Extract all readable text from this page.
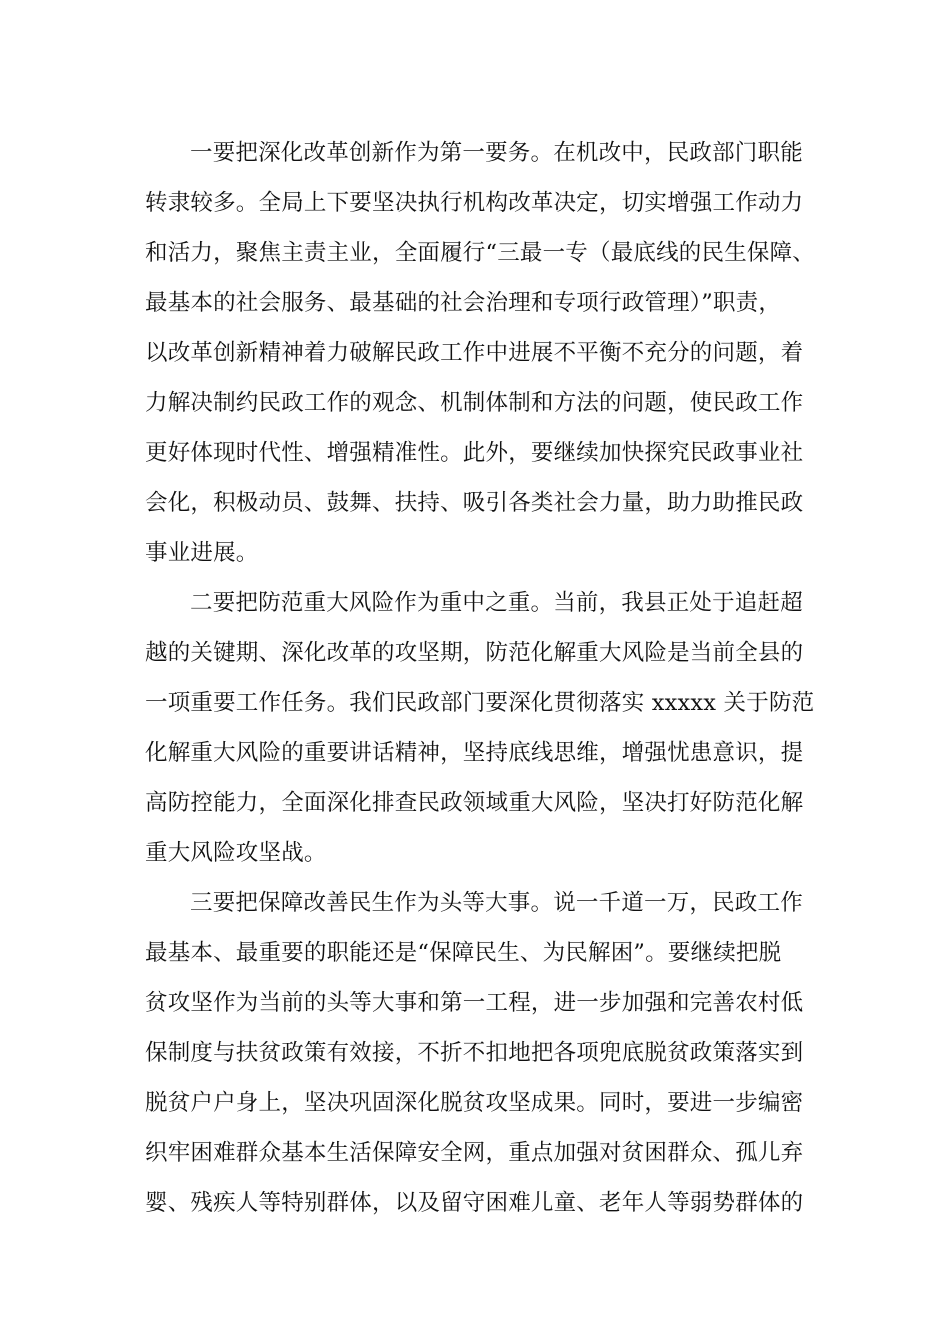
一要把深化改革创新作为第一要务。在机改中，民政部门职能
转隶较多。全局上下要坚决执行机构改革决定，切实增强工作动力
和活力，聚焦主责主业，全面履行“三最一专（最底线的民生保障、
最基本的社会服务、最基础的社会治理和专项行政管理）”职责，
以改革创新精神着力破解民政工作中进展不平衡不充分的问题，着
力解决制约民政工作的观念、机制体制和方法的问题，使民政工作
更好体现时代性、增强精准性。此外，要继续加快探究民政事业社
会化，积极动员、鼓舞、扶持、吸引各类社会力量，助力助推民政
事业进展。
二要把防范重大风险作为重中之重。当前，我县正处于追赶超
越的关键期、深化改革的攻坚期，防范化解重大风险是当前全县的
一项重要工作任务。我们民政部门要深化贯彻落实 xxxxx 关于防范
化解重大风险的重要讲话精神，坚持底线思维，增强忧患意识，提
高防控能力，全面深化排查民政领域重大风险，坚决打好防范化解
重大风险攻坚战。
三要把保障改善民生作为头等大事。说一千道一万，民政工作
最基本、最重要的职能还是“保障民生、为民解困”。要继续把脱
贫攻坚作为当前的头等大事和第一工程，进一步加强和完善农村低
保制度与扶贫政策有效接，不折不扣地把各项兜底脱贫政策落实到
脱贫户户身上，坚决巩固深化脱贫攻坚成果。同时，要进一步编密
织牢困难群众基本生活保障安全网，重点加强对贫困群众、孤儿弃
婴、残疾人等特别群体，以及留守困难儿童、老年人等弱势群体的
